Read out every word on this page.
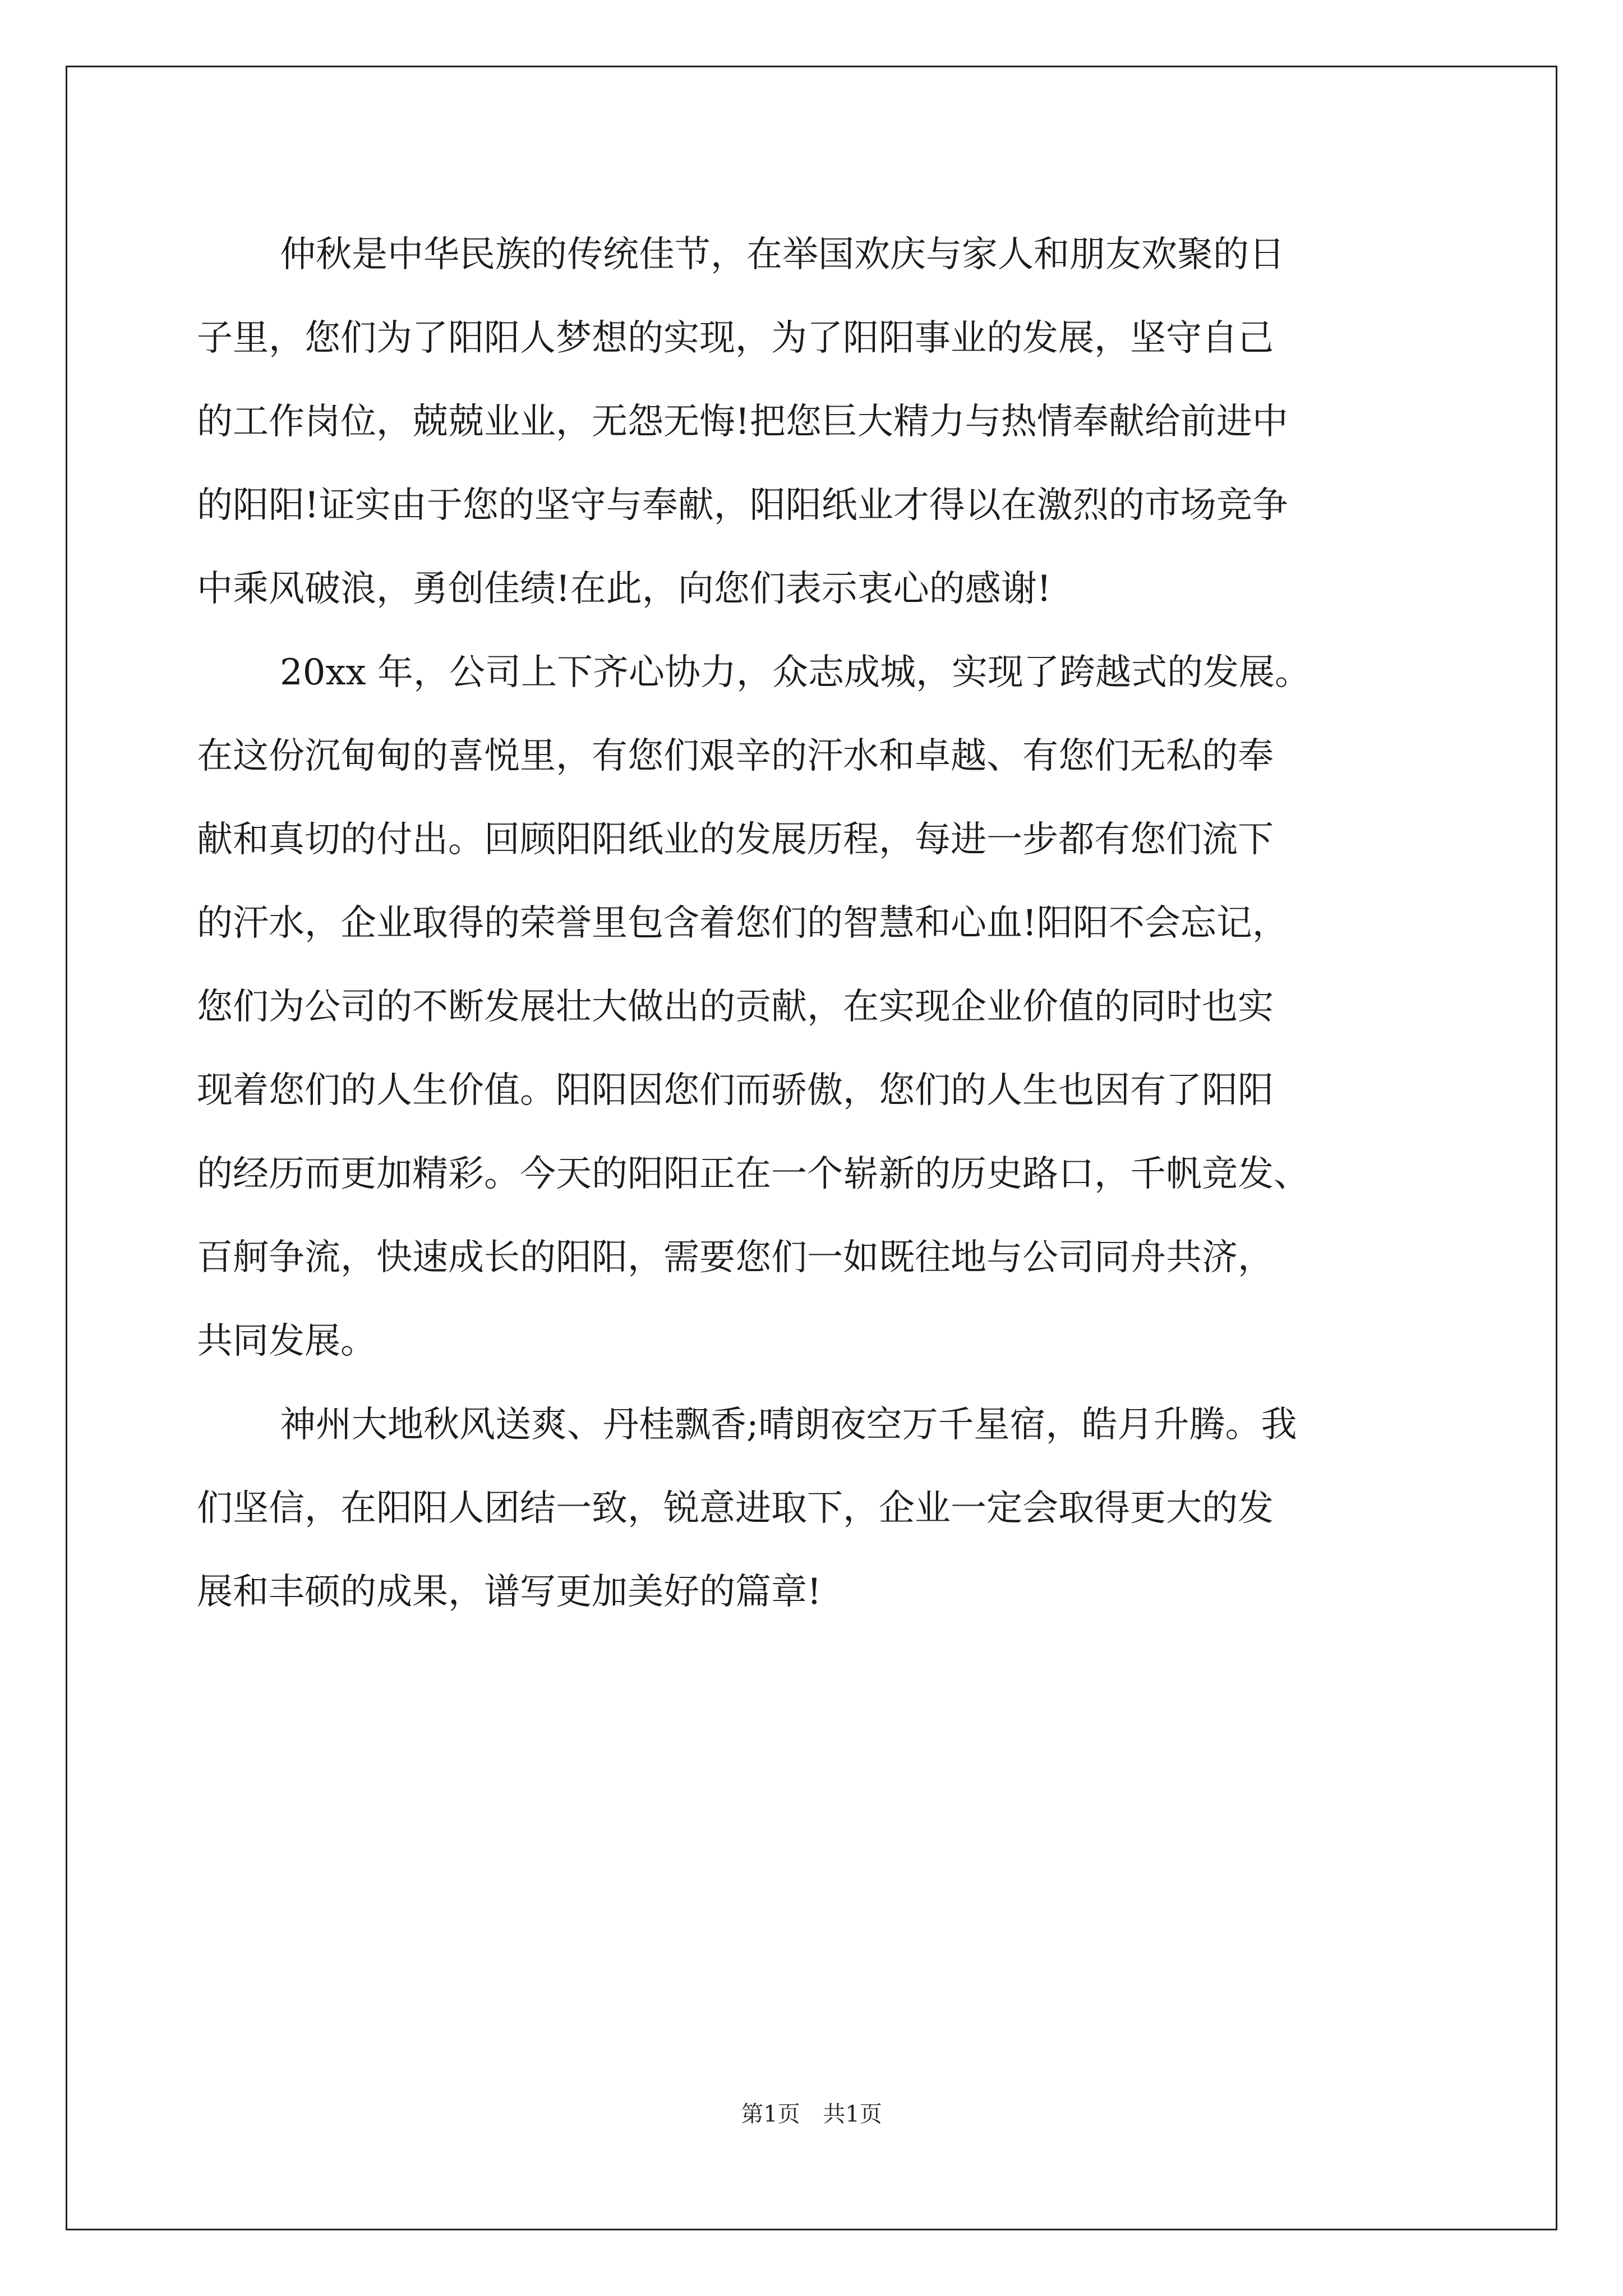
仲秋是中华民族的传统佳节，在举国欢庆与家人和朋友欢聚的日
子里，您们为了阳阳人梦想的实现，为了阳阳事业的发展，坚守自己
的工作岗位，兢兢业业，无怨无悔!把您巨大精力与热情奉献给前进中
的阳阳!证实由于您的坚守与奉献，阳阳纸业才得以在激烈的市场竞争
中乘风破浪，勇创佳绩!在此，向您们表示衷心的感谢!
20xx 年，公司上下齐心协力，众志成城，实现了跨越式的发展。
在这份沉甸甸的喜悦里，有您们艰辛的汗水和卓越、有您们无私的奉
献和真切的付出。回顾阳阳纸业的发展历程，每进一步都有您们流下
的汗水，企业取得的荣誉里包含着您们的智慧和心血!阳阳不会忘记，
您们为公司的不断发展壮大做出的贡献，在实现企业价值的同时也实
现着您们的人生价值。阳阳因您们而骄傲，您们的人生也因有了阳阳
的经历而更加精彩。今天的阳阳正在一个崭新的历史路口，千帆竞发、
百舸争流，快速成长的阳阳，需要您们一如既往地与公司同舟共济，
共同发展。
神州大地秋风送爽、丹桂飘香;晴朗夜空万千星宿，皓月升腾。我
们坚信，在阳阳人团结一致，锐意进取下，企业一定会取得更大的发
展和丰硕的成果，谱写更加美好的篇章!
第1页 共1页
